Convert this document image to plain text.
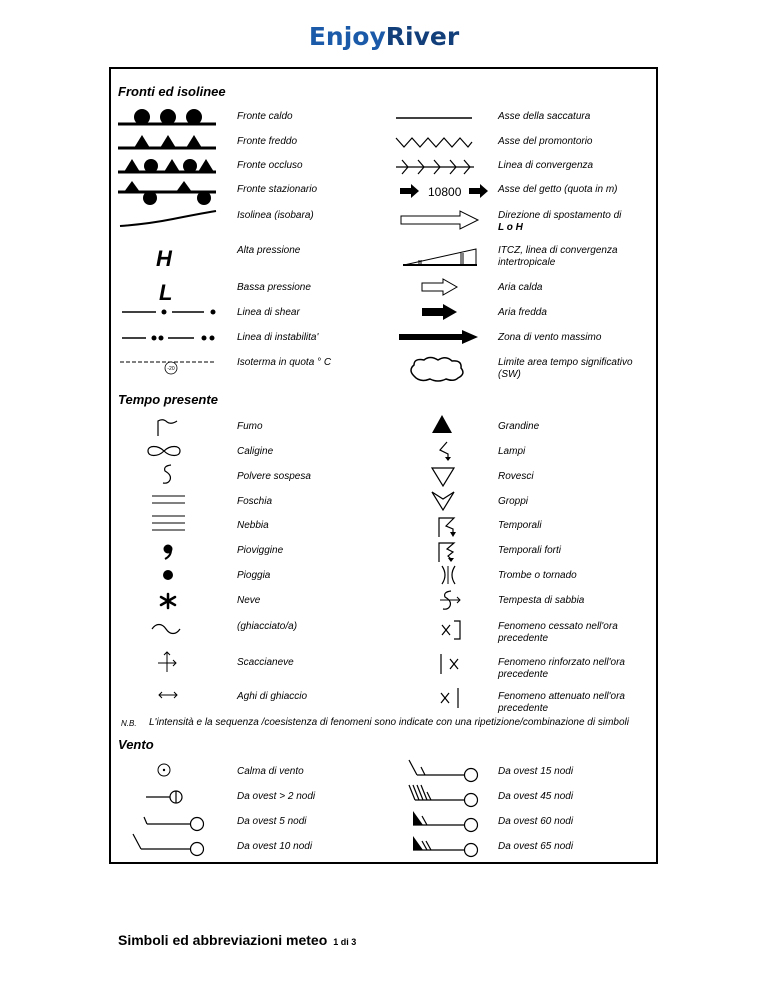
EnjoyRiver
Fronti ed isolinee
Tempo presente
Vento
Fronte caldo
Fronte freddo
Fronte occluso
Fronte stazionario
Isolinea (isobara)
Alta pressione
Bassa pressione
Linea di shear
Linea di instabilita'
Isoterma in quota ° C
Asse della saccatura
Asse del promontorio
Linea di convergenza
Asse del getto (quota in m)
Direzione di spostamento di
L o H
ITCZ, linea di convergenza intertropicale
Aria calda
Aria fredda
Zona di vento massimo
Limite area tempo significativo (SW)
H
L
-20
10800
Fumo
Caligine
Polvere sospesa
Foschia
Nebbia
Pioviggine
Pioggia
Neve
(ghiacciato/a)
Scaccianeve
Aghi di ghiaccio
Grandine
Lampi
Rovesci
Groppi
Temporali
Temporali forti
Trombe o tornado
Tempesta di sabbia
Fenomeno cessato nell'ora precedente
Fenomeno rinforzato nell'ora precedente
Fenomeno attenuato nell'ora precedente
N.B. L'intensità e la sequenza /coesistenza di fenomeni sono indicate con una ripetizione/combinazione di simboli
Calma di vento
Da ovest > 2 nodi
Da ovest 5 nodi
Da ovest 10 nodi
Da ovest 15 nodi
Da ovest 45 nodi
Da ovest 60 nodi
Da ovest 65 nodi
Simboli ed abbreviazioni meteo 1 di 3
